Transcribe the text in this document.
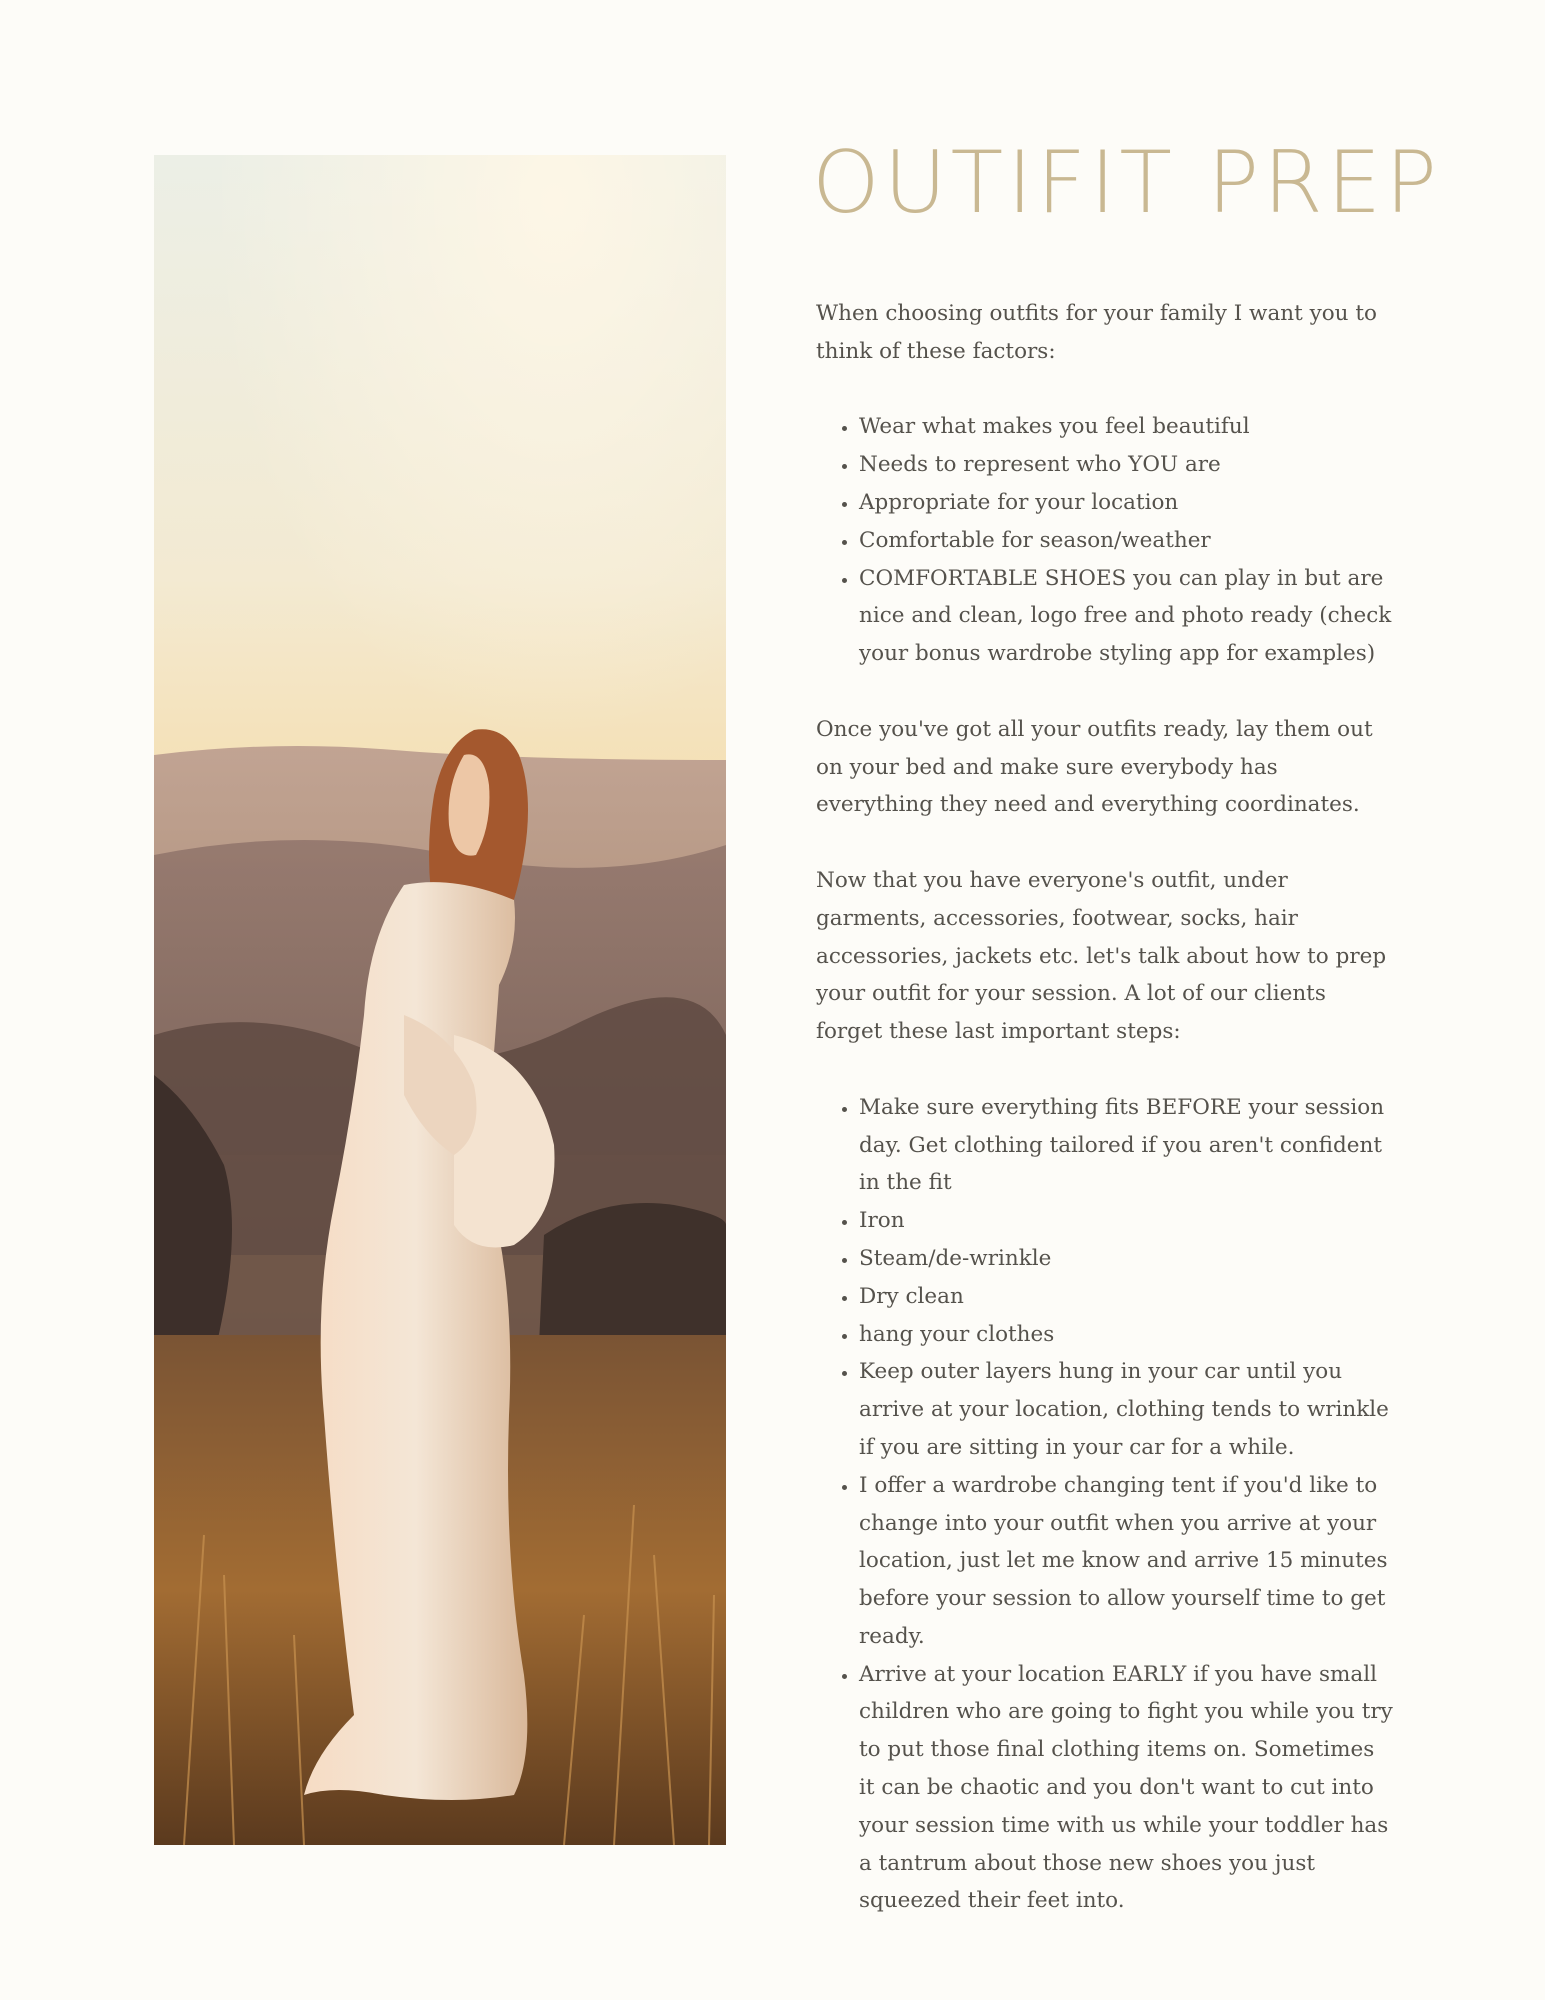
OUTIFIT PREP

When choosing outfits for your family I want you to think of these factors:

• Wear what makes you feel beautiful
• Needs to represent who YOU are
• Appropriate for your location
• Comfortable for season/weather
• COMFORTABLE SHOES you can play in but are nice and clean, logo free and photo ready (check your bonus wardrobe styling app for examples)

Once you've got all your outfits ready, lay them out on your bed and make sure everybody has everything they need and everything coordinates.

Now that you have everyone's outfit, under garments, accessories, footwear, socks, hair accessories, jackets etc. let's talk about how to prep your outfit for your session. A lot of our clients forget these last important steps:

• Make sure everything fits BEFORE your session day. Get clothing tailored if you aren't confident in the fit
• Iron
• Steam/de-wrinkle
• Dry clean
• hang your clothes
• Keep outer layers hung in your car until you arrive at your location, clothing tends to wrinkle if you are sitting in your car for a while.
• I offer a wardrobe changing tent if you'd like to change into your outfit when you arrive at your location, just let me know and arrive 15 minutes before your session to allow yourself time to get ready.
• Arrive at your location EARLY if you have small children who are going to fight you while you try to put those final clothing items on. Sometimes it can be chaotic and you don't want to cut into your session time with us while your toddler has a tantrum about those new shoes you just squeezed their feet into.
